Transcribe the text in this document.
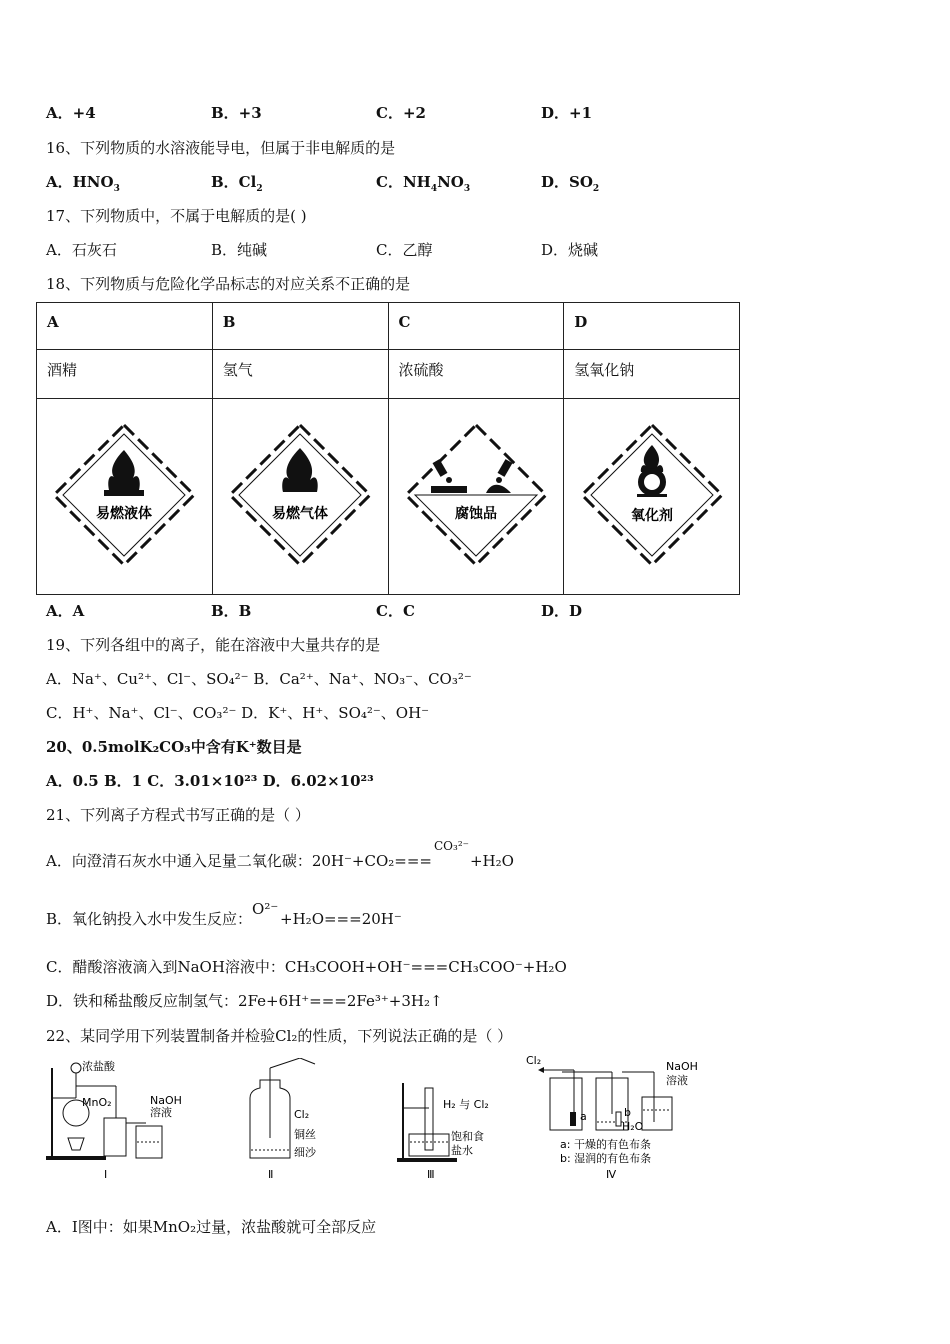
A．+4	B．+3	C．+2	D．+1
16、下列物质的水溶液能导电，但属于非电解质的是
A．$HNO_3$	B．$Cl_2$	C．$NH_4NO_3$	D．$SO_2$
17、下列物质中，不属于电解质的是( )
A．石灰石	B．纯碱	C．乙醇	D．烧碱
18、下列物质与危险化学品标志的对应关系不正确的是
A	B	C	D
酒精	氢气	浓硫酸	氢氧化钠

易燃液体	易燃气体	腐蚀品	氧化剂
A．A	B．B	C．C	D．D
19、下列各组中的离子，能在溶液中大量共存的是
A．Na⁺、Cu²⁺、Cl⁻、SO₄²⁻ B．Ca²⁺、Na⁺、NO₃⁻、CO₃²⁻
C．H⁺、Na⁺、Cl⁻、CO₃²⁻ D．K⁺、H⁺、SO₄²⁻、OH⁻
20、0.5molK₂CO₃中含有K⁺数目是
A．0.5 B．1 C．3.01×10²³ D．6.02×10²³
21、下列离子方程式书写正确的是（ ）
A．向澄清石灰水中通入足量二氧化碳：20H⁻+CO₂===CO₃²⁻+H₂O
B．氧化钠投入水中发生反应：O²⁻+H₂O===20H⁻
C．醋酸溶液滴入到NaOH溶液中：CH₃COOH+OH⁻===CH₃COO⁻+H₂O
D．铁和稀盐酸反应制氢气：2Fe+6H⁺===2Fe³⁺+3H₂↑
22、某同学用下列装置制备并检验Cl₂的性质，下列说法正确的是（ ）
浓盐酸
MnO₂	NaOH
溶液
Ⅰ
Cl₂
铜丝
细沙
Ⅱ
H₂ 与 Cl₂
饱和食
盐水
Ⅲ
Cl₂	NaOH
溶液
a	b
H₂O
a: 干燥的有色布条
b: 湿润的有色布条
Ⅳ
A．Ⅰ图中：如果MnO₂过量，浓盐酸就可全部反应
